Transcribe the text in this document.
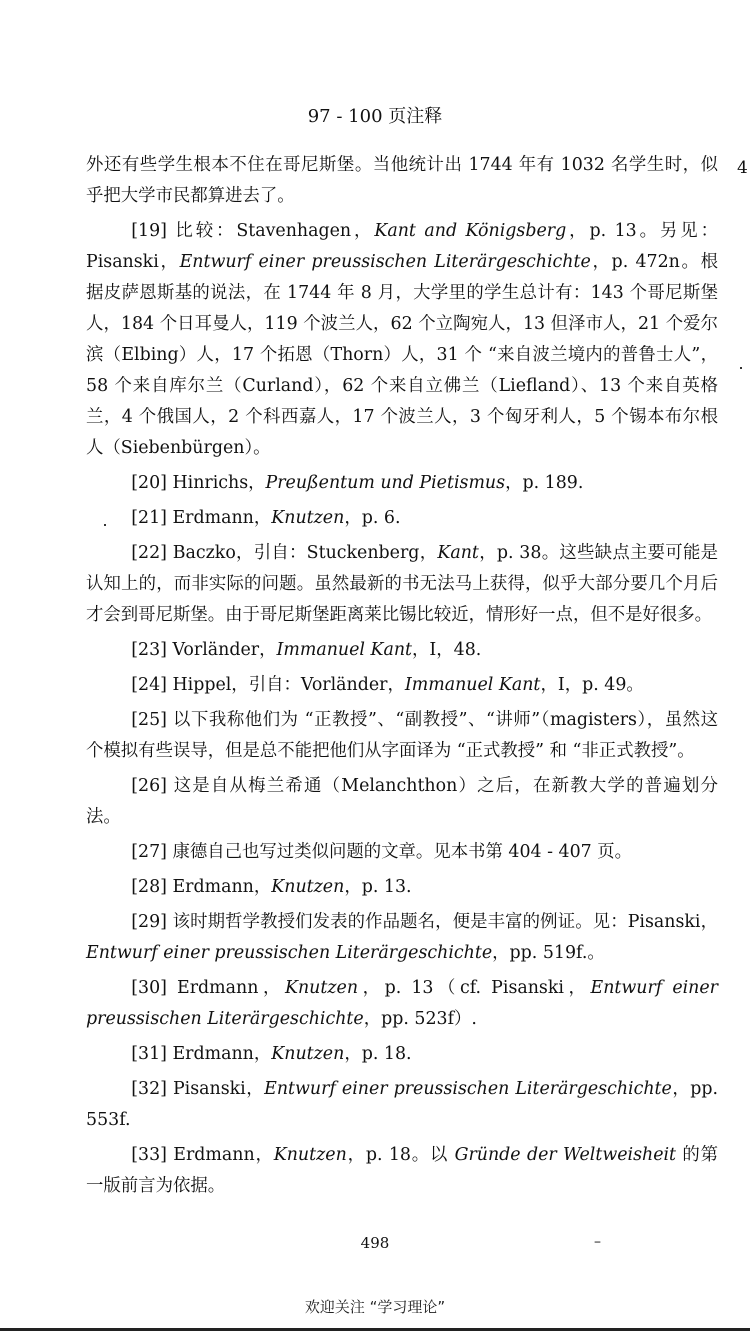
97 - 100 页注释
4

外还有些学生根本不住在哥尼斯堡。当他统计出 1744 年有 1032 名学生时，似乎把大学市民都算进去了。

[19] 比较：Stavenhagen，Kant and Königsberg，p. 13。另见：Pisanski，Entwurf einer preussischen Literärgeschichte，p. 472n。根据皮萨恩斯基的说法，在 1744 年 8 月，大学里的学生总计有：143 个哥尼斯堡人，184 个日耳曼人，119 个波兰人，62 个立陶宛人，13 但泽市人，21 个爱尔滨（Elbing）人，17 个拓恩（Thorn）人，31 个 “来自波兰境内的普鲁士人”，58 个来自库尔兰（Curland），62 个来自立佛兰（Liefland）、13 个来自英格兰，4 个俄国人，2 个科西嘉人，17 个波兰人，3 个匈牙利人，5 个锡本布尔根人（Siebenbürgen）。

[20] Hinrichs，Preußentum und Pietismus，p. 189.

[21] Erdmann，Knutzen，p. 6.

[22] Baczko，引自：Stuckenberg，Kant，p. 38。这些缺点主要可能是认知上的，而非实际的问题。虽然最新的书无法马上获得，似乎大部分要几个月后才会到哥尼斯堡。由于哥尼斯堡距离莱比锡比较近，情形好一点，但不是好很多。

[23] Vorländer，Immanuel Kant，I，48.

[24] Hippel，引自：Vorländer，Immanuel Kant，I，p. 49。

[25] 以下我称他们为 “正教授”、“副教授”、“讲师”（magisters），虽然这个模拟有些误导，但是总不能把他们从字面译为 “正式教授” 和 “非正式教授”。

[26] 这是自从梅兰希通（Melanchthon）之后，在新教大学的普遍划分法。

[27] 康德自己也写过类似问题的文章。见本书第 404 - 407 页。

[28] Erdmann，Knutzen，p. 13.

[29] 该时期哲学教授们发表的作品题名，便是丰富的例证。见：Pisanski，Entwurf einer preussischen Literärgeschichte，pp. 519f.。

[30] Erdmann，Knutzen，p. 13（cf. Pisanski，Entwurf einer preussischen Literärgeschichte，pp. 523f）.

[31] Erdmann，Knutzen，p. 18.

[32] Pisanski，Entwurf einer preussischen Literärgeschichte，pp. 553f.

[33] Erdmann，Knutzen，p. 18。以 Gründe der Weltweisheit 的第一版前言为依据。

498	–
欢迎关注 “学习理论”
